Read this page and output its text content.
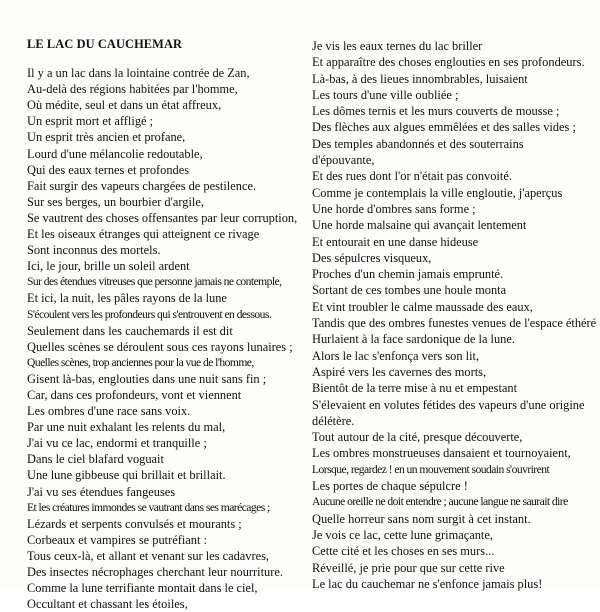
LE LAC DU CAUCHEMAR
Il y a un lac dans la lointaine contrée de Zan,
Au-delà des régions habitées par l'homme,
Où médite, seul et dans un état affreux,
Un esprit mort et affligé ;
Un esprit très ancien et profane,
Lourd d'une mélancolie redoutable,
Qui des eaux ternes et profondes
Fait surgir des vapeurs chargées de pestilence.
Sur ses berges, un bourbier d'argile,
Se vautrent des choses offensantes par leur corruption,
Et les oiseaux étranges qui atteignent ce rivage
Sont inconnus des mortels.
Ici, le jour, brille un soleil ardent
Sur des étendues vitreuses que personne jamais ne contemple,
Et ici, la nuit, les pâles rayons de la lune
S'écoulent vers les profondeurs qui s'entrouvent en dessous.
Seulement dans les cauchemards il est dit
Quelles scènes se déroulent sous ces rayons lunaires ;
Quelles scènes, trop anciennes pour la vue de l'homme,
Gisent là-bas, englouties dans une nuit sans fin ;
Car, dans ces profondeurs, vont et viennent
Les ombres d'une race sans voix.
Par une nuit exhalant les relents du mal,
J'ai vu ce lac, endormi et tranquille ;
Dans le ciel blafard voguait
Une lune gibbeuse qui brillait et brillait.
J'ai vu ses étendues fangeuses
Et les créatures immondes se vautrant dans ses marécages ;
Lézards et serpents convulsés et mourants ;
Corbeaux et vampires se putréfiant :
Tous ceux-là, et allant et venant sur les cadavres,
Des insectes nécrophages cherchant leur nourriture.
Comme la lune terrifiante montait dans le ciel,
Occultant et chassant les étoiles,
Je vis les eaux ternes du lac briller
Et apparaître des choses englouties en ses profondeurs.
Là-bas, à des lieues innombrables, luisaient
Les tours d'une ville oubliée ;
Les dômes ternis et les murs couverts de mousse ;
Des flèches aux algues emmêlées et des salles vides ;
Des temples abandonnés et des souterrains
d'épouvante,
Et des rues dont l'or n'était pas convoité.
Comme je contemplais la ville engloutie, j'aperçus
Une horde d'ombres sans forme ;
Une horde malsaine qui avançait lentement
Et entourait en une danse hideuse
Des sépulcres visqueux,
Proches d'un chemin jamais emprunté.
Sortant de ces tombes une houle monta
Et vint troubler le calme maussade des eaux,
Tandis que des ombres funestes venues de l'espace éthéré
Hurlaient à la face sardonique de la lune.
Alors le lac s'enfonça vers son lit,
Aspiré vers les cavernes des morts,
Bientôt de la terre mise à nu et empestant
S'élevaient en volutes fétides des vapeurs d'une origine
délétère.
Tout autour de la cité, presque découverte,
Les ombres monstrueuses dansaient et tournoyaient,
Lorsque, regardez ! en un mouvement soudain s'ouvrirent
Les portes de chaque sépulcre !
Aucune oreille ne doit entendre ; aucune langue ne saurait dire
Quelle horreur sans nom surgit à cet instant.
Je vois ce lac, cette lune grimaçante,
Cette cité et les choses en ses murs...
Réveillé, je prie pour que sur cette rive
Le lac du cauchemar ne s'enfonce jamais plus!
